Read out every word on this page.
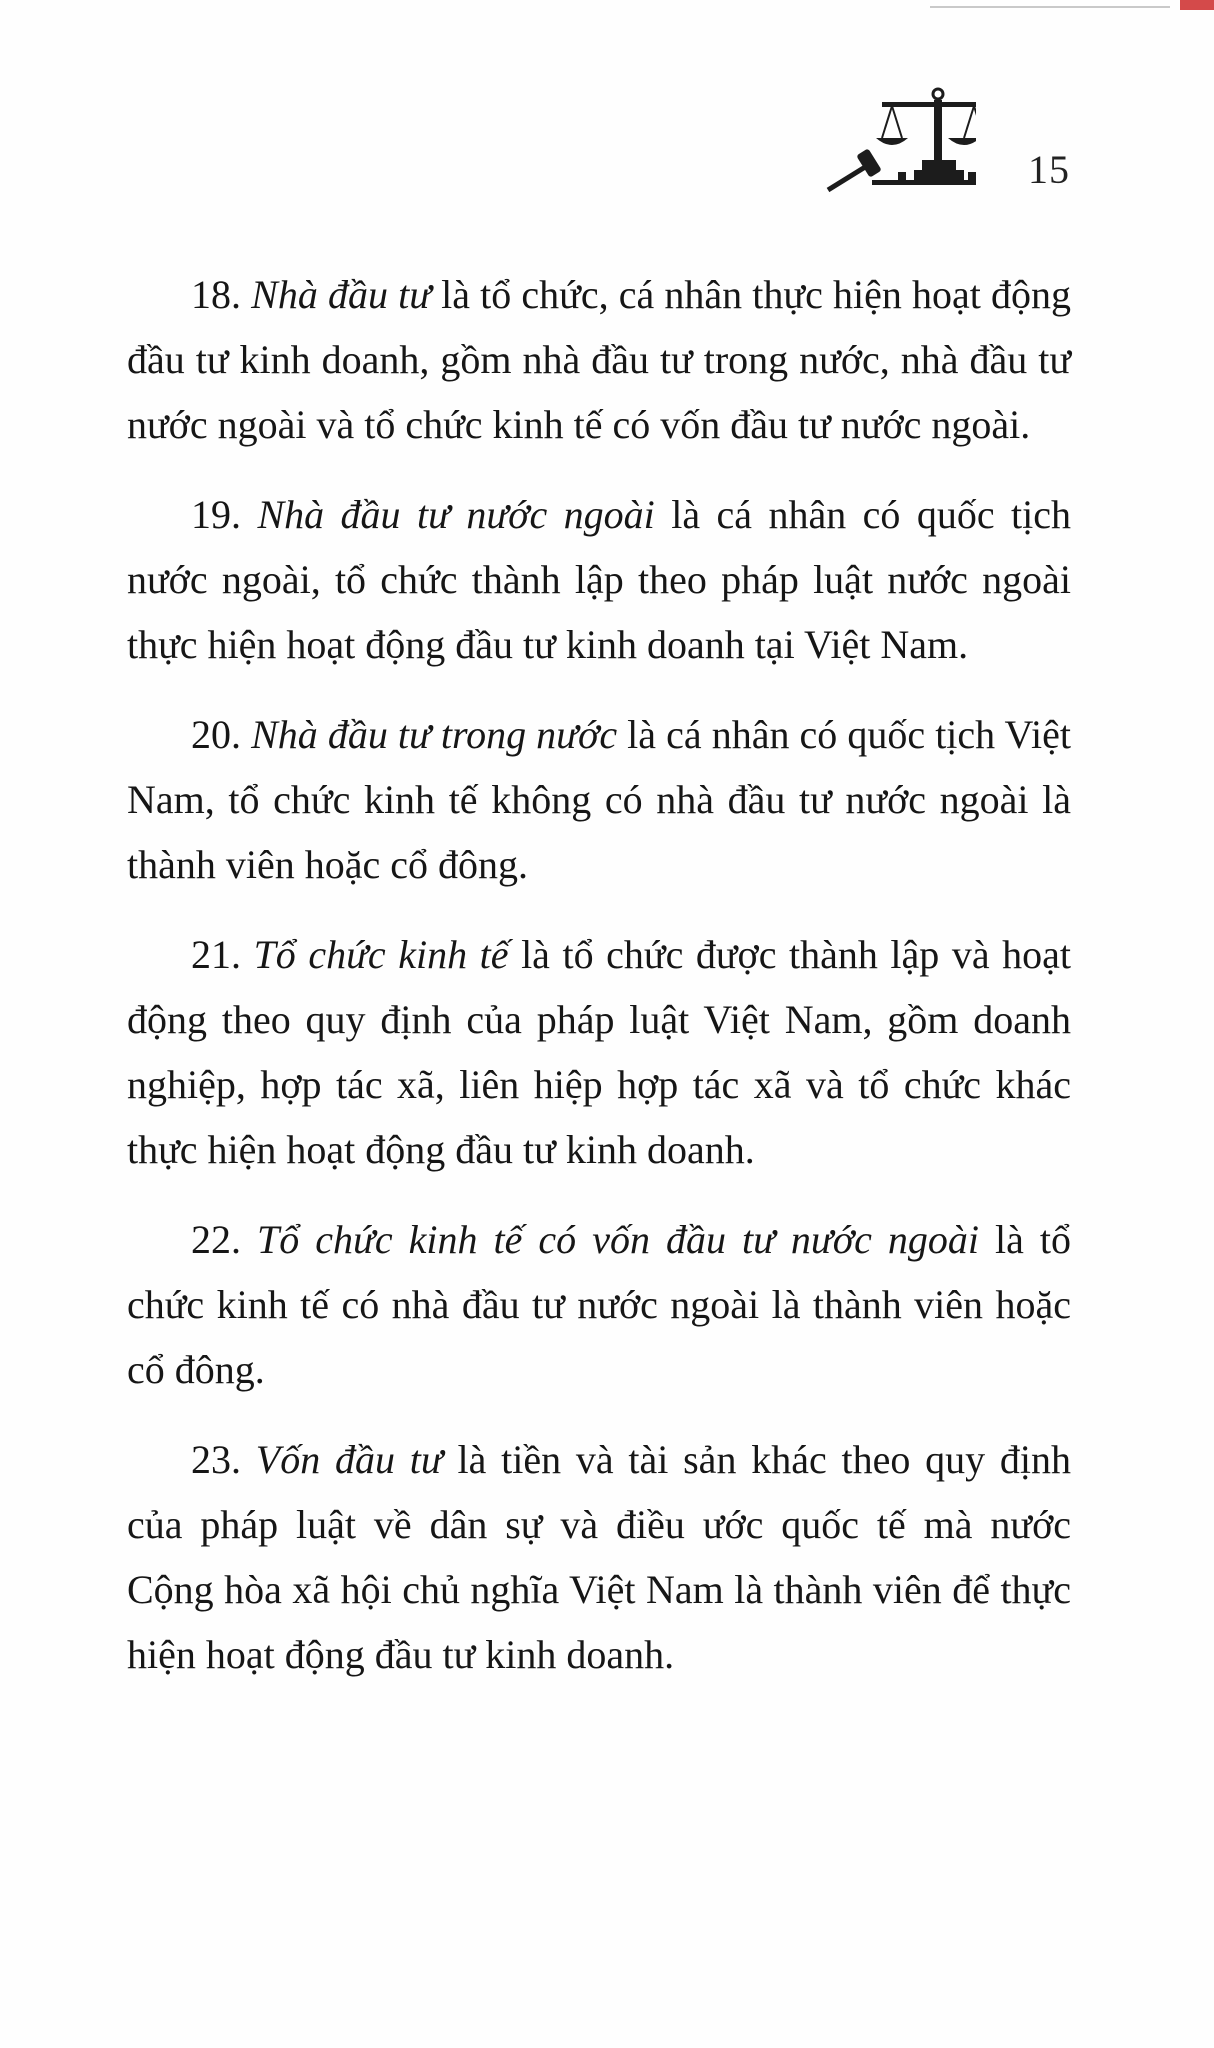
15

18. Nhà đầu tư là tổ chức, cá nhân thực hiện hoạt động đầu tư kinh doanh, gồm nhà đầu tư trong nước, nhà đầu tư nước ngoài và tổ chức kinh tế có vốn đầu tư nước ngoài.

19. Nhà đầu tư nước ngoài là cá nhân có quốc tịch nước ngoài, tổ chức thành lập theo pháp luật nước ngoài thực hiện hoạt động đầu tư kinh doanh tại Việt Nam.

20. Nhà đầu tư trong nước là cá nhân có quốc tịch Việt Nam, tổ chức kinh tế không có nhà đầu tư nước ngoài là thành viên hoặc cổ đông.

21. Tổ chức kinh tế là tổ chức được thành lập và hoạt động theo quy định của pháp luật Việt Nam, gồm doanh nghiệp, hợp tác xã, liên hiệp hợp tác xã và tổ chức khác thực hiện hoạt động đầu tư kinh doanh.

22. Tổ chức kinh tế có vốn đầu tư nước ngoài là tổ chức kinh tế có nhà đầu tư nước ngoài là thành viên hoặc cổ đông.

23. Vốn đầu tư là tiền và tài sản khác theo quy định của pháp luật về dân sự và điều ước quốc tế mà nước Cộng hòa xã hội chủ nghĩa Việt Nam là thành viên để thực hiện hoạt động đầu tư kinh doanh.
